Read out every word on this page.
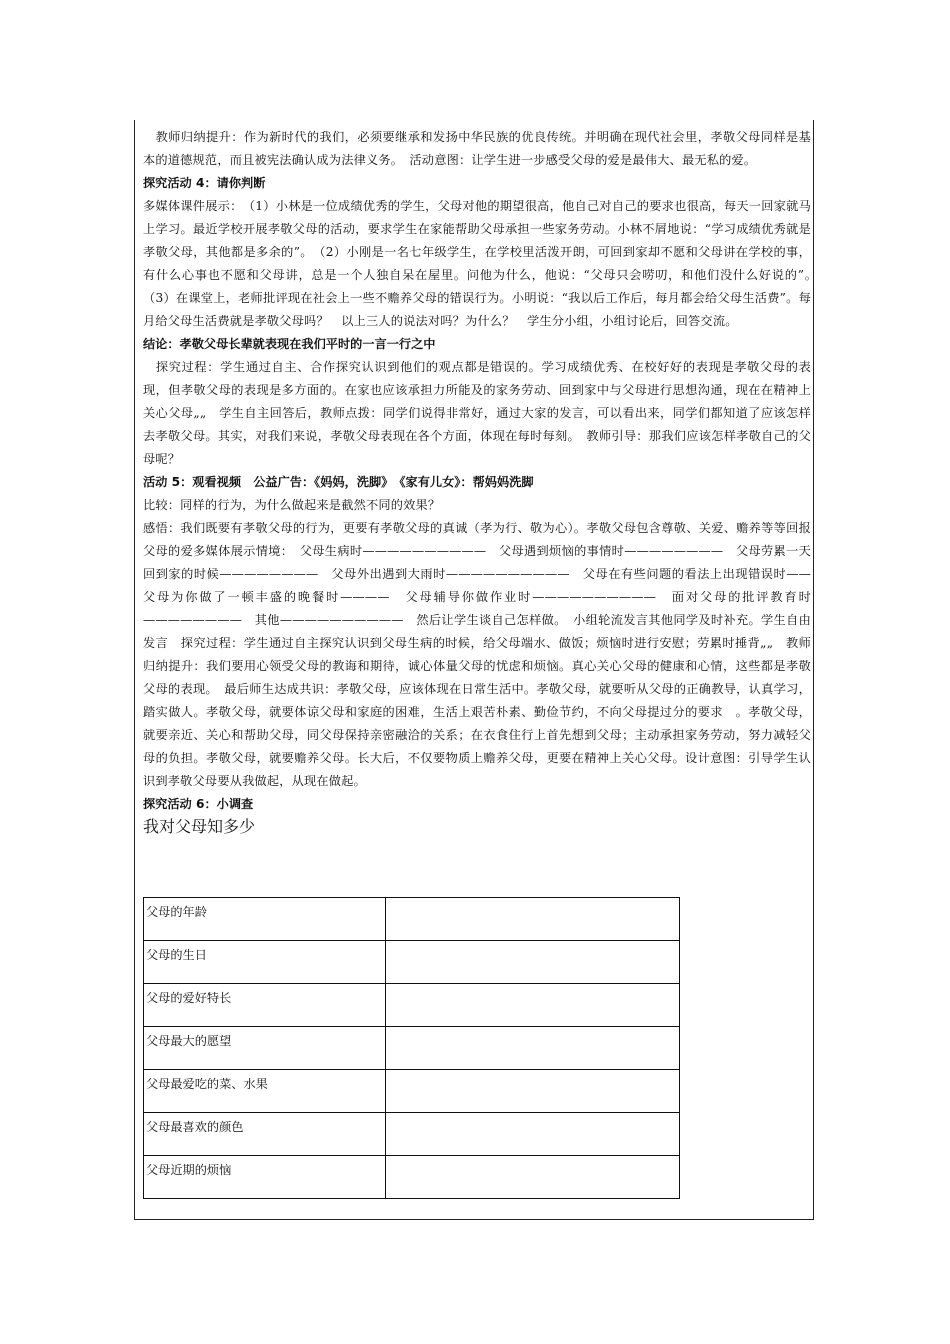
　教师归纳提升：作为新时代的我们，必须要继承和发扬中华民族的优良传统。并明确在现代社会里，孝敬父母同样是基本的道德规范，而且被宪法确认成为法律义务。　活动意图：让学生进一步感受父母的爱是最伟大、最无私的爱。

探究活动 4：请你判断

多媒体课件展示：　（1）小林是一位成绩优秀的学生，父母对他的期望很高，他自己对自己的要求也很高，每天一回家就马上学习。最近学校开展孝敬父母的活动，要求学生在家能帮助父母承担一些家务劳动。小林不屑地说：“学习成绩优秀就是孝敬父母，其他都是多余的”。　（2）小刚是一名七年级学生，在学校里活泼开朗，可回到家却不愿和父母讲在学校的事，有什么心事也不愿和父母讲，总是一个人独自呆在屋里。问他为什么，他说：“父母只会唠叨，和他们没什么好说的”。　（3）在课堂上，老师批评现在社会上一些不赡养父母的错误行为。小明说：“我以后工作后，每月都会给父母生活费”。每月给父母生活费就是孝敬父母吗？　以上三人的说法对吗？为什么？　学生分小组，小组讨论后，回答交流。

结论：孝敬父母长辈就表现在我们平时的一言一行之中

　探究过程：学生通过自主、合作探究认识到他们的观点都是错误的。学习成绩优秀、在校好好的表现是孝敬父母的表现，但孝敬父母的表现是多方面的。在家也应该承担力所能及的家务劳动、回到家中与父母进行思想沟通，现在在精神上关心父母„„　学生自主回答后，教师点拨：同学们说得非常好，通过大家的发言，可以看出来，同学们都知道了应该怎样去孝敬父母。其实，对我们来说，孝敬父母表现在各个方面，体现在每时每刻。　教师引导：那我们应该怎样孝敬自己的父母呢？

活动 5：观看视频　公益广告：《妈妈，洗脚》　《家有儿女》：帮妈妈洗脚

比较：同样的行为，为什么做起来是截然不同的效果？

感悟：我们既要有孝敬父母的行为，更要有孝敬父母的真诚（孝为行、敬为心）。孝敬父母包含尊敬、关爱、赡养等等回报父母的爱多媒体展示情境：　父母生病时——————————　父母遇到烦恼的事情时————————　父母劳累一天回到家的时候————————　父母外出遇到大雨时——————————　父母在有些问题的看法上出现错误时——　父母为你做了一顿丰盛的晚餐时————　父母辅导你做作业时——————————　面对父母的批评教育时————————　其他——————————　然后让学生谈自己怎样做。　小组轮流发言其他同学及时补充。学生自由发言　探究过程：学生通过自主探究认识到父母生病的时候，给父母端水、做饭；烦恼时进行安慰；劳累时捶背„„　教师归纳提升：我们要用心领受父母的教诲和期待，诚心体量父母的忧虑和烦恼。真心关心父母的健康和心情，这些都是孝敬父母的表现。　最后师生达成共识：孝敬父母，应该体现在日常生活中。孝敬父母，就要听从父母的正确教导，认真学习，踏实做人。孝敬父母，就要体谅父母和家庭的困难，生活上艰苦朴素、勤俭节约，不向父母提过分的要求　。孝敬父母，就要亲近、关心和帮助父母，同父母保持亲密融洽的关系；在衣食住行上首先想到父母；主动承担家务劳动，努力减轻父母的负担。孝敬父母，就要赡养父母。长大后，不仅要物质上赡养父母，更要在精神上关心父母。设计意图：引导学生认识到孝敬父母要从我做起，从现在做起。

探究活动 6：小调查

我对父母知多少

父母的年龄	
父母的生日	
父母的爱好特长	
父母最大的愿望	
父母最爱吃的菜、水果	
父母最喜欢的颜色	
父母近期的烦恼	
